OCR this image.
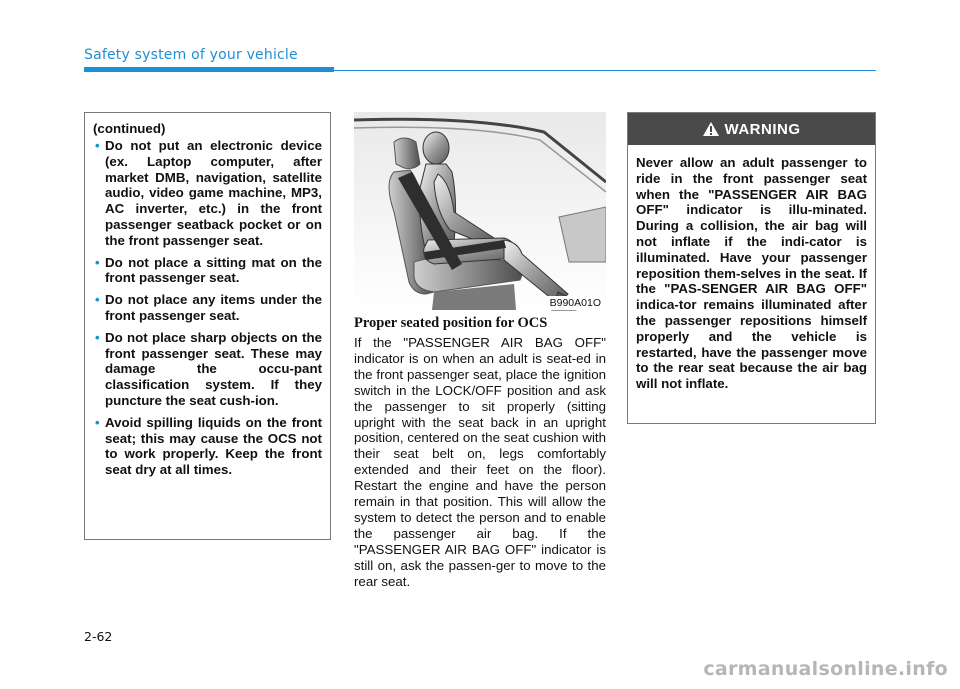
Safety system of your vehicle
(continued)
• Do not put an electronic device (ex. Laptop computer, after market DMB, navigation, satellite audio, video game machine, MP3, AC inverter, etc.) in the front passenger seatback pocket or on the front passenger seat.
• Do not place a sitting mat on the front passenger seat.
• Do not place any items under the front passenger seat.
• Do not place sharp objects on the front passenger seat. These may damage the occu-pant classification system. If they puncture the seat cush-ion.
• Avoid spilling liquids on the front seat; this may cause the OCS not to work properly. Keep the front seat dry at all times.
B990A01O
Proper seated position for OCS
If the "PASSENGER AIR BAG OFF" indicator is on when an adult is seat-ed in the front passenger seat, place the ignition switch in the LOCK/OFF position and ask the passenger to sit properly (sitting upright with the seat back in an upright position, centered on the seat cushion with their seat belt on, legs comfortably extended and their feet on the floor). Restart the engine and have the person remain in that position. This will allow the system to detect the person and to enable the passenger air bag. If the "PASSENGER AIR BAG OFF" indicator is still on, ask the passen-ger to move to the rear seat.
WARNING
Never allow an adult passenger to ride in the front passenger seat when the "PASSENGER AIR BAG OFF" indicator is illu-minated. During a collision, the air bag will not inflate if the indi-cator is illuminated. Have your passenger reposition them-selves in the seat. If the "PAS-SENGER AIR BAG OFF" indica-tor remains illuminated after the passenger repositions himself properly and the vehicle is restarted, have the passenger move to the rear seat because the air bag will not inflate.
2-62
carmanualsonline.info
